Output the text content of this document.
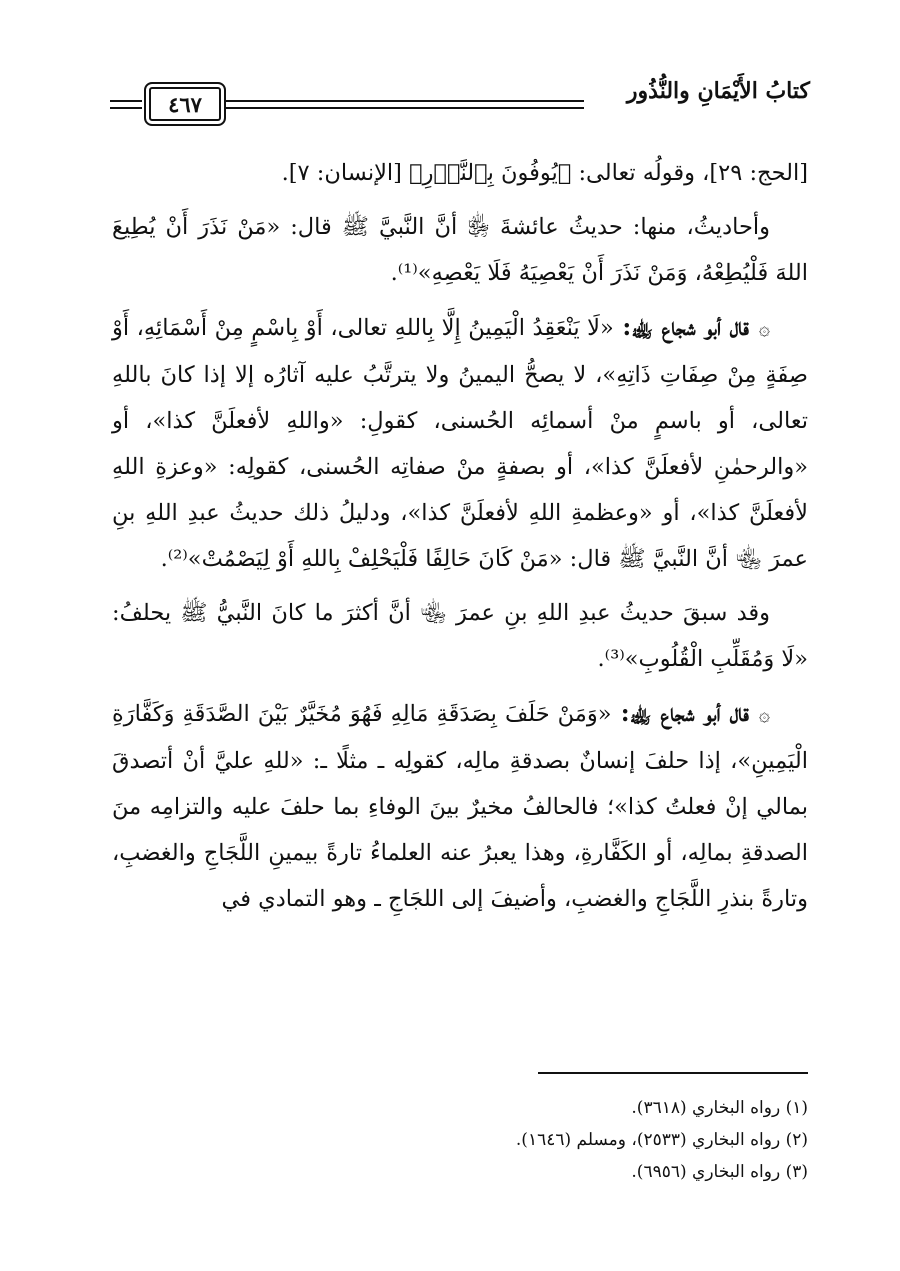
كتابُ الأَيْمَانِ والنُّذُور
٤٦٧

[الحج: ٢٩]، وقولُه تعالى: ﴿يُوفُونَ بِٱلنَّذۡرِ﴾ [الإنسان: ٧].

وأحاديثُ، منها: حديثُ عائشةَ ﵂ أنَّ النَّبيَّ ﷺ قال: «مَنْ نَذَرَ أَنْ يُطِيعَ اللهَ فَلْيُطِعْهُ، وَمَنْ نَذَرَ أَنْ يَعْصِيَهُ فَلَا يَعْصِهِ»⁽¹⁾.

۞قال أبو شجاع ﵀: «لَا يَنْعَقِدُ الْيَمِينُ إِلَّا بِاللهِ تعالى، أَوْ بِاسْمٍ مِنْ أَسْمَائِهِ، أَوْ صِفَةٍ مِنْ صِفَاتِ ذَاتِهِ»، لا يصحُّ اليمينُ ولا يترتَّبُ عليه آثارُه إلا إذا كانَ باللهِ تعالى، أو باسمٍ منْ أسمائِه الحُسنى، كقولِ: «واللهِ لأفعلَنَّ كذا»، أو «والرحمٰنِ لأفعلَنَّ كذا»، أو بصفةٍ منْ صفاتِه الحُسنى، كقولِه: «وعزةِ اللهِ لأفعلَنَّ كذا»، أو «وعظمةِ اللهِ لأفعلَنَّ كذا»، ودليلُ ذلك حديثُ عبدِ اللهِ بنِ عمرَ ﵄ أنَّ النَّبيَّ ﷺ قال: «مَنْ كَانَ حَالِفًا فَلْيَحْلِفْ بِاللهِ أَوْ لِيَصْمُتْ»⁽²⁾.

وقد سبقَ حديثُ عبدِ اللهِ بنِ عمرَ ﵄ أنَّ أكثرَ ما كانَ النَّبيُّ ﷺ يحلفُ: «لَا وَمُقَلِّبِ الْقُلُوبِ»⁽³⁾.

۞قال أبو شجاع ﵀: «وَمَنْ حَلَفَ بِصَدَقَةِ مَالِهِ فَهُوَ مُخَيَّرٌ بَيْنَ الصَّدَقَةِ وَكَفَّارَةِ الْيَمِينِ»، إذا حلفَ إنسانٌ بصدقةِ مالِه، كقولِه ـ مثلًا ـ: «للهِ عليَّ أنْ أتصدقَ بمالي إنْ فعلتُ كذا»؛ فالحالفُ مخيرٌ بينَ الوفاءِ بما حلفَ عليه والتزامِه منَ الصدقةِ بمالِه، أو الكَفَّارةِ، وهذا يعبرُ عنه العلماءُ تارةً بيمينِ اللَّجَاجِ والغضبِ، وتارةً بنذرِ اللَّجَاجِ والغضبِ، وأضيفَ إلى اللجَاجِ ـ وهو التمادي في

(١) رواه البخاري (٣٦١٨).
(٢) رواه البخاري (٢٥٣٣)، ومسلم (١٦٤٦).
(٣) رواه البخاري (٦٩٥٦).
